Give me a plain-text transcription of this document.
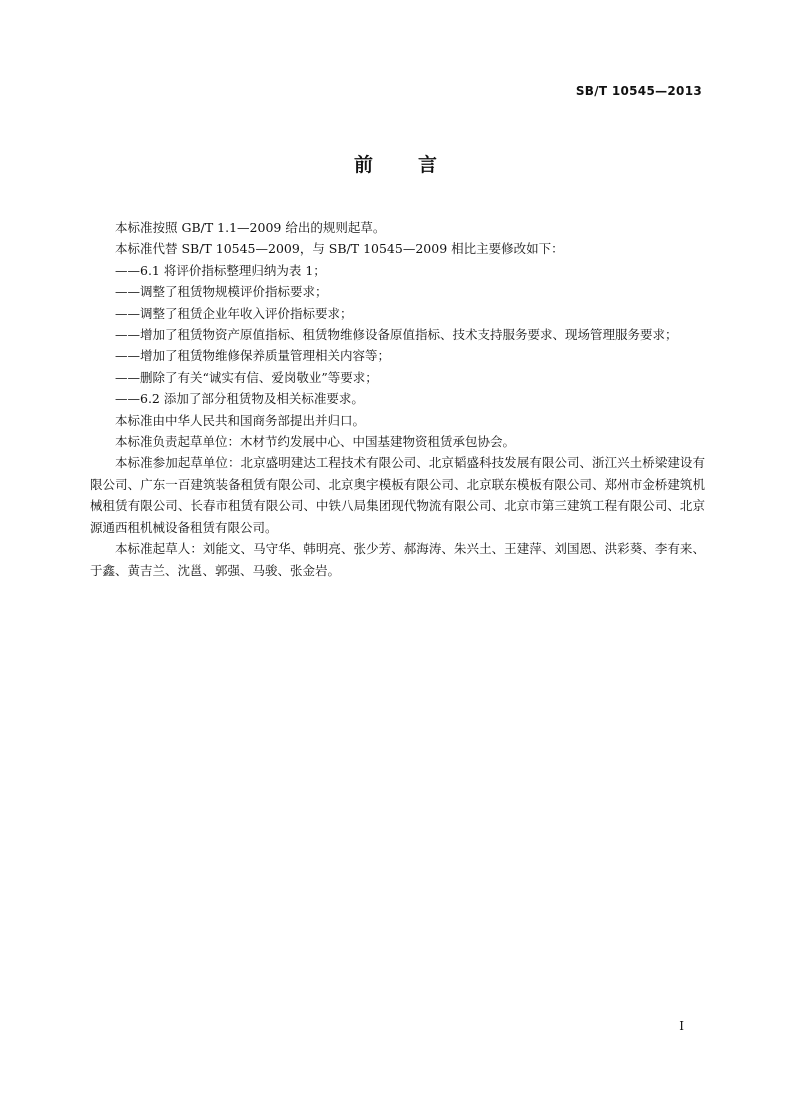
SB/T 10545—2013
前 言

本标准按照 GB/T 1.1—2009 给出的规则起草。

本标准代替 SB/T 10545—2009，与 SB/T 10545—2009 相比主要修改如下：

——6.1 将评价指标整理归纳为表 1；

——调整了租赁物规模评价指标要求；

——调整了租赁企业年收入评价指标要求；

——增加了租赁物资产原值指标、租赁物维修设备原值指标、技术支持服务要求、现场管理服务要求；

——增加了租赁物维修保养质量管理相关内容等；

——删除了有关“诚实有信、爱岗敬业”等要求；

——6.2 添加了部分租赁物及相关标准要求。

本标准由中华人民共和国商务部提出并归口。

本标准负责起草单位：木材节约发展中心、中国基建物资租赁承包协会。

本标准参加起草单位：北京盛明建达工程技术有限公司、北京韬盛科技发展有限公司、浙江兴土桥梁建设有限公司、广东一百建筑装备租赁有限公司、北京奥宇模板有限公司、北京联东模板有限公司、郑州市金桥建筑机械租赁有限公司、长春市租赁有限公司、中铁八局集团现代物流有限公司、北京市第三建筑工程有限公司、北京源通西租机械设备租赁有限公司。

本标准起草人：刘能文、马守华、韩明亮、张少芳、郝海涛、朱兴土、王建萍、刘国恩、洪彩葵、李有来、于鑫、黄吉兰、沈邕、郭强、马骏、张金岩。

I
